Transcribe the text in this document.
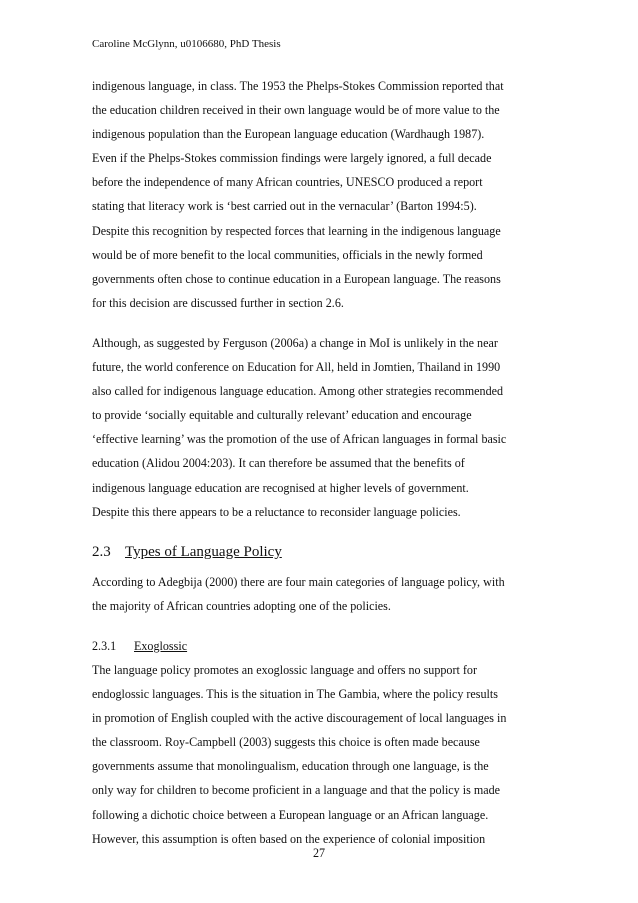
Caroline McGlynn, u0106680, PhD Thesis
indigenous language, in class. The 1953 the Phelps-Stokes Commission reported that
the education children received in their own language would be of more value to the
indigenous population than the European language education (Wardhaugh 1987).
Even if the Phelps-Stokes commission findings were largely ignored, a full decade
before the independence of many African countries, UNESCO produced a report
stating that literacy work is ‘best carried out in the vernacular’ (Barton 1994:5).
Despite this recognition by respected forces that learning in the indigenous language
would be of more benefit to the local communities, officials in the newly formed
governments often chose to continue education in a European language. The reasons
for this decision are discussed further in section 2.6.
Although, as suggested by Ferguson (2006a) a change in MoI is unlikely in the near
future, the world conference on Education for All, held in Jomtien, Thailand in 1990
also called for indigenous language education. Among other strategies recommended
to provide ‘socially equitable and culturally relevant’ education and encourage
‘effective learning’ was the promotion of the use of African languages in formal basic
education (Alidou 2004:203). It can therefore be assumed that the benefits of
indigenous language education are recognised at higher levels of government.
Despite this there appears to be a reluctance to reconsider language policies.
2.3 Types of Language Policy
According to Adegbija (2000) there are four main categories of language policy, with
the majority of African countries adopting one of the policies.
2.3.1 Exoglossic
The language policy promotes an exoglossic language and offers no support for
endoglossic languages. This is the situation in The Gambia, where the policy results
in promotion of English coupled with the active discouragement of local languages in
the classroom. Roy-Campbell (2003) suggests this choice is often made because
governments assume that monolingualism, education through one language, is the
only way for children to become proficient in a language and that the policy is made
following a dichotic choice between a European language or an African language.
However, this assumption is often based on the experience of colonial imposition
27
